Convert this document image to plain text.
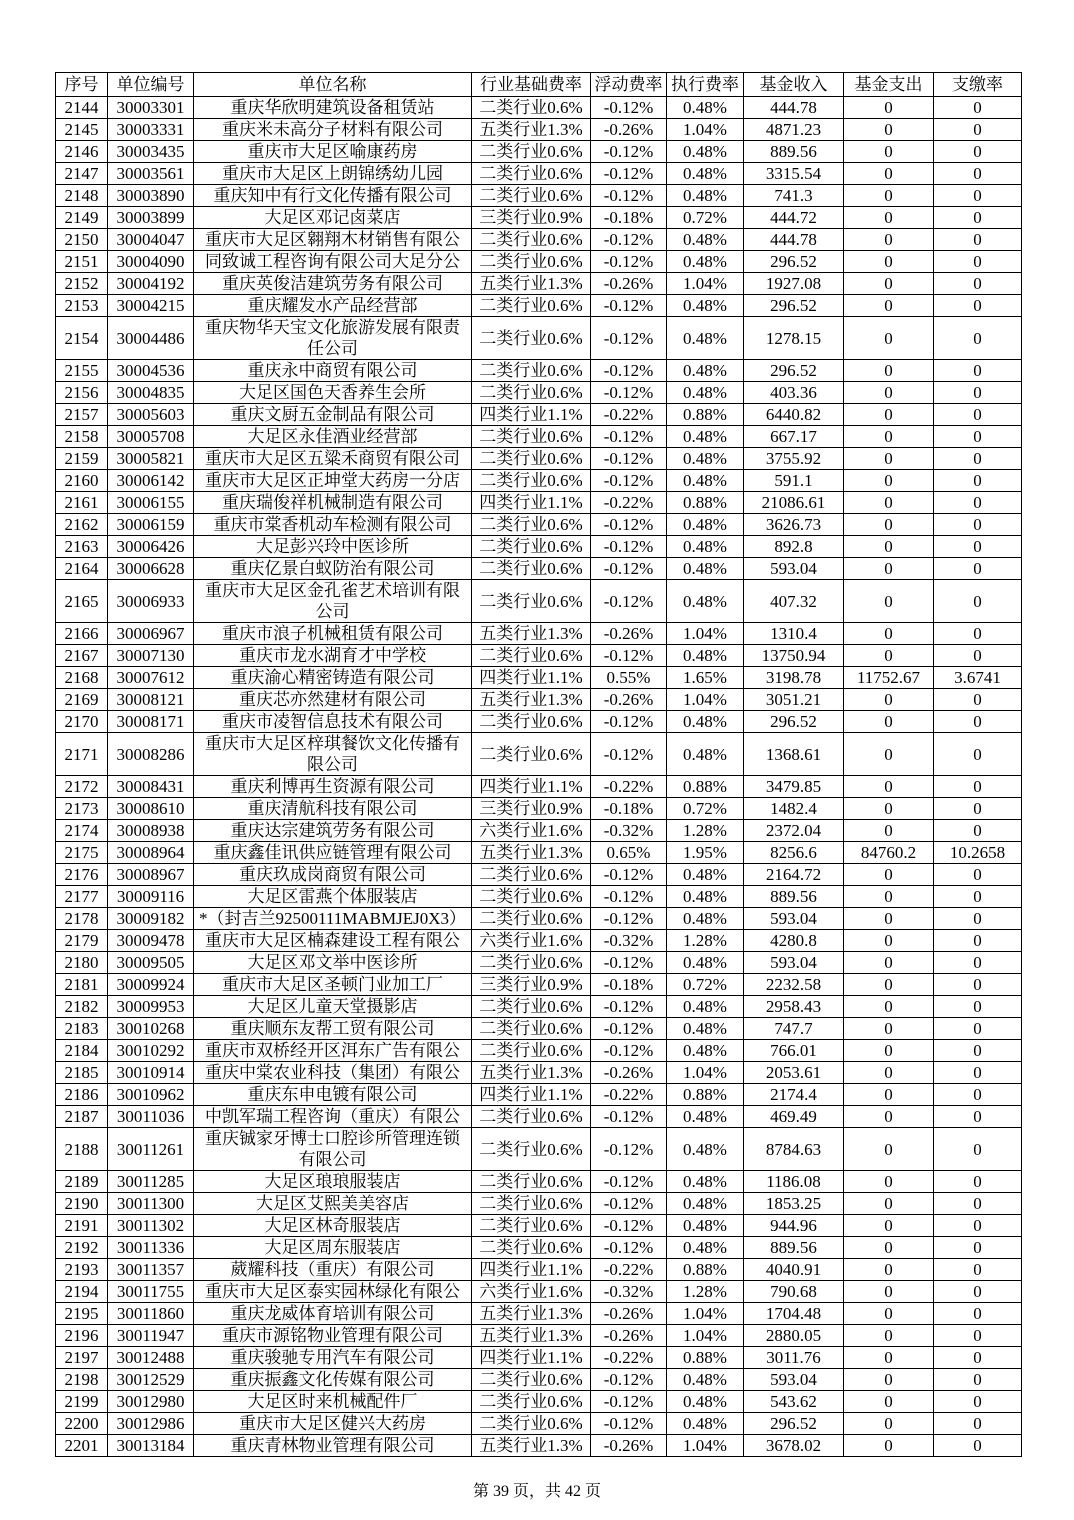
序号	单位编号	单位名称	行业基础费率	浮动费率	执行费率	基金收入	基金支出	支缴率
2144	30003301	重庆华欣明建筑设备租赁站	二类行业0.6%	-0.12%	0.48%	444.78	0	0
2145	30003331	重庆米未高分子材料有限公司	五类行业1.3%	-0.26%	1.04%	4871.23	0	0
2146	30003435	重庆市大足区喻康药房	二类行业0.6%	-0.12%	0.48%	889.56	0	0
2147	30003561	重庆市大足区上朗锦绣幼儿园	二类行业0.6%	-0.12%	0.48%	3315.54	0	0
2148	30003890	重庆知中有行文化传播有限公司	二类行业0.6%	-0.12%	0.48%	741.3	0	0
2149	30003899	大足区邓记卤菜店	三类行业0.9%	-0.18%	0.72%	444.72	0	0
2150	30004047	重庆市大足区翱翔木材销售有限公	二类行业0.6%	-0.12%	0.48%	444.78	0	0
2151	30004090	同致诚工程咨询有限公司大足分公	二类行业0.6%	-0.12%	0.48%	296.52	0	0
2152	30004192	重庆英俊洁建筑劳务有限公司	五类行业1.3%	-0.26%	1.04%	1927.08	0	0
2153	30004215	重庆耀发水产品经营部	二类行业0.6%	-0.12%	0.48%	296.52	0	0
2154	30004486	重庆物华天宝文化旅游发展有限责任公司	二类行业0.6%	-0.12%	0.48%	1278.15	0	0
2155	30004536	重庆永中商贸有限公司	二类行业0.6%	-0.12%	0.48%	296.52	0	0
2156	30004835	大足区国色天香养生会所	二类行业0.6%	-0.12%	0.48%	403.36	0	0
2157	30005603	重庆文厨五金制品有限公司	四类行业1.1%	-0.22%	0.88%	6440.82	0	0
2158	30005708	大足区永佳酒业经营部	二类行业0.6%	-0.12%	0.48%	667.17	0	0
2159	30005821	重庆市大足区五粱禾商贸有限公司	二类行业0.6%	-0.12%	0.48%	3755.92	0	0
2160	30006142	重庆市大足区正坤堂大药房一分店	二类行业0.6%	-0.12%	0.48%	591.1	0	0
2161	30006155	重庆瑞俊祥机械制造有限公司	四类行业1.1%	-0.22%	0.88%	21086.61	0	0
2162	30006159	重庆市棠香机动车检测有限公司	二类行业0.6%	-0.12%	0.48%	3626.73	0	0
2163	30006426	大足彭兴玲中医诊所	二类行业0.6%	-0.12%	0.48%	892.8	0	0
2164	30006628	重庆亿景白蚁防治有限公司	二类行业0.6%	-0.12%	0.48%	593.04	0	0
2165	30006933	重庆市大足区金孔雀艺术培训有限公司	二类行业0.6%	-0.12%	0.48%	407.32	0	0
2166	30006967	重庆市浪子机械租赁有限公司	五类行业1.3%	-0.26%	1.04%	1310.4	0	0
2167	30007130	重庆市龙水湖育才中学校	二类行业0.6%	-0.12%	0.48%	13750.94	0	0
2168	30007612	重庆渝心精密铸造有限公司	四类行业1.1%	0.55%	1.65%	3198.78	11752.67	3.6741
2169	30008121	重庆芯亦然建材有限公司	五类行业1.3%	-0.26%	1.04%	3051.21	0	0
2170	30008171	重庆市凌智信息技术有限公司	二类行业0.6%	-0.12%	0.48%	296.52	0	0
2171	30008286	重庆市大足区梓琪餐饮文化传播有限公司	二类行业0.6%	-0.12%	0.48%	1368.61	0	0
2172	30008431	重庆利博再生资源有限公司	四类行业1.1%	-0.22%	0.88%	3479.85	0	0
2173	30008610	重庆清航科技有限公司	三类行业0.9%	-0.18%	0.72%	1482.4	0	0
2174	30008938	重庆达宗建筑劳务有限公司	六类行业1.6%	-0.32%	1.28%	2372.04	0	0
2175	30008964	重庆鑫佳讯供应链管理有限公司	五类行业1.3%	0.65%	1.95%	8256.6	84760.2	10.2658
2176	30008967	重庆玖成岗商贸有限公司	二类行业0.6%	-0.12%	0.48%	2164.72	0	0
2177	30009116	大足区雷燕个体服装店	二类行业0.6%	-0.12%	0.48%	889.56	0	0
2178	30009182	*（封吉兰92500111MABMJEJ0X3）	二类行业0.6%	-0.12%	0.48%	593.04	0	0
2179	30009478	重庆市大足区楠森建设工程有限公	六类行业1.6%	-0.32%	1.28%	4280.8	0	0
2180	30009505	大足区邓文举中医诊所	二类行业0.6%	-0.12%	0.48%	593.04	0	0
2181	30009924	重庆市大足区圣顿门业加工厂	三类行业0.9%	-0.18%	0.72%	2232.58	0	0
2182	30009953	大足区儿童天堂摄影店	二类行业0.6%	-0.12%	0.48%	2958.43	0	0
2183	30010268	重庆顺东友帮工贸有限公司	二类行业0.6%	-0.12%	0.48%	747.7	0	0
2184	30010292	重庆市双桥经开区洱东广告有限公	二类行业0.6%	-0.12%	0.48%	766.01	0	0
2185	30010914	重庆中棠农业科技（集团）有限公	五类行业1.3%	-0.26%	1.04%	2053.61	0	0
2186	30010962	重庆东申电镀有限公司	四类行业1.1%	-0.22%	0.88%	2174.4	0	0
2187	30011036	中凯军瑞工程咨询（重庆）有限公	二类行业0.6%	-0.12%	0.48%	469.49	0	0
2188	30011261	重庆铖家牙博士口腔诊所管理连锁有限公司	二类行业0.6%	-0.12%	0.48%	8784.63	0	0
2189	30011285	大足区琅琅服装店	二类行业0.6%	-0.12%	0.48%	1186.08	0	0
2190	30011300	大足区艾熙美美容店	二类行业0.6%	-0.12%	0.48%	1853.25	0	0
2191	30011302	大足区林奇服装店	二类行业0.6%	-0.12%	0.48%	944.96	0	0
2192	30011336	大足区周东服装店	二类行业0.6%	-0.12%	0.48%	889.56	0	0
2193	30011357	葳耀科技（重庆）有限公司	四类行业1.1%	-0.22%	0.88%	4040.91	0	0
2194	30011755	重庆市大足区泰实园林绿化有限公	六类行业1.6%	-0.32%	1.28%	790.68	0	0
2195	30011860	重庆龙威体育培训有限公司	五类行业1.3%	-0.26%	1.04%	1704.48	0	0
2196	30011947	重庆市源铭物业管理有限公司	五类行业1.3%	-0.26%	1.04%	2880.05	0	0
2197	30012488	重庆骏驰专用汽车有限公司	四类行业1.1%	-0.22%	0.88%	3011.76	0	0
2198	30012529	重庆振鑫文化传媒有限公司	二类行业0.6%	-0.12%	0.48%	593.04	0	0
2199	30012980	大足区时来机械配件厂	二类行业0.6%	-0.12%	0.48%	543.62	0	0
2200	30012986	重庆市大足区健兴大药房	二类行业0.6%	-0.12%	0.48%	296.52	0	0
2201	30013184	重庆青林物业管理有限公司	五类行业1.3%	-0.26%	1.04%	3678.02	0	0
第 39 页，共 42 页
